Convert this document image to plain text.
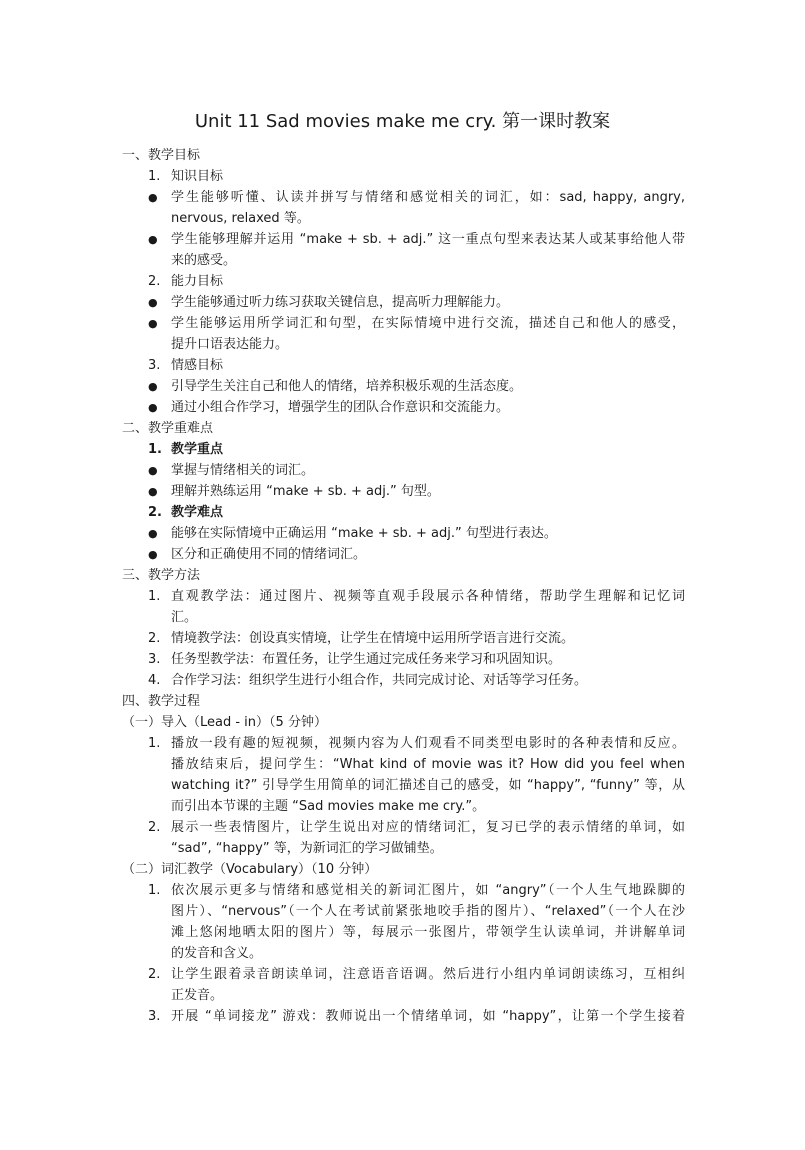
Unit 11 Sad movies make me cry. 第一课时教案
一、教学目标
1. 知识目标
● 学生能够听懂、认读并拼写与情绪和感觉相关的词汇，如：sad, happy, angry,
nervous, relaxed 等。
● 学生能够理解并运用 “make + sb. + adj.” 这一重点句型来表达某人或某事给他人带
来的感受。
2. 能力目标
● 学生能够通过听力练习获取关键信息，提高听力理解能力。
● 学生能够运用所学词汇和句型，在实际情境中进行交流，描述自己和他人的感受，
提升口语表达能力。
3. 情感目标
● 引导学生关注自己和他人的情绪，培养积极乐观的生活态度。
● 通过小组合作学习，增强学生的团队合作意识和交流能力。
二、教学重难点
1. 教学重点
● 掌握与情绪相关的词汇。
● 理解并熟练运用 “make + sb. + adj.” 句型。
2. 教学难点
● 能够在实际情境中正确运用 “make + sb. + adj.” 句型进行表达。
● 区分和正确使用不同的情绪词汇。
三、教学方法
1. 直观教学法：通过图片、视频等直观手段展示各种情绪，帮助学生理解和记忆词
汇。
2. 情境教学法：创设真实情境，让学生在情境中运用所学语言进行交流。
3. 任务型教学法：布置任务，让学生通过完成任务来学习和巩固知识。
4. 合作学习法：组织学生进行小组合作，共同完成讨论、对话等学习任务。
四、教学过程
（一）导入（Lead - in）（5 分钟）
1. 播放一段有趣的短视频，视频内容为人们观看不同类型电影时的各种表情和反应。
播放结束后，提问学生：“What kind of movie was it? How did you feel when
watching it?” 引导学生用简单的词汇描述自己的感受，如 “happy”, “funny” 等，从
而引出本节课的主题 “Sad movies make me cry.”。
2. 展示一些表情图片，让学生说出对应的情绪词汇，复习已学的表示情绪的单词，如
“sad”, “happy” 等，为新词汇的学习做铺垫。
（二）词汇教学（Vocabulary）（10 分钟）
1. 依次展示更多与情绪和感觉相关的新词汇图片，如 “angry”（一个人生气地跺脚的
图片）、“nervous”（一个人在考试前紧张地咬手指的图片）、“relaxed”（一个人在沙
滩上悠闲地晒太阳的图片）等，每展示一张图片，带领学生认读单词，并讲解单词
的发音和含义。
2. 让学生跟着录音朗读单词，注意语音语调。然后进行小组内单词朗读练习，互相纠
正发音。
3. 开展 “单词接龙” 游戏：教师说出一个情绪单词，如 “happy”，让第一个学生接着
